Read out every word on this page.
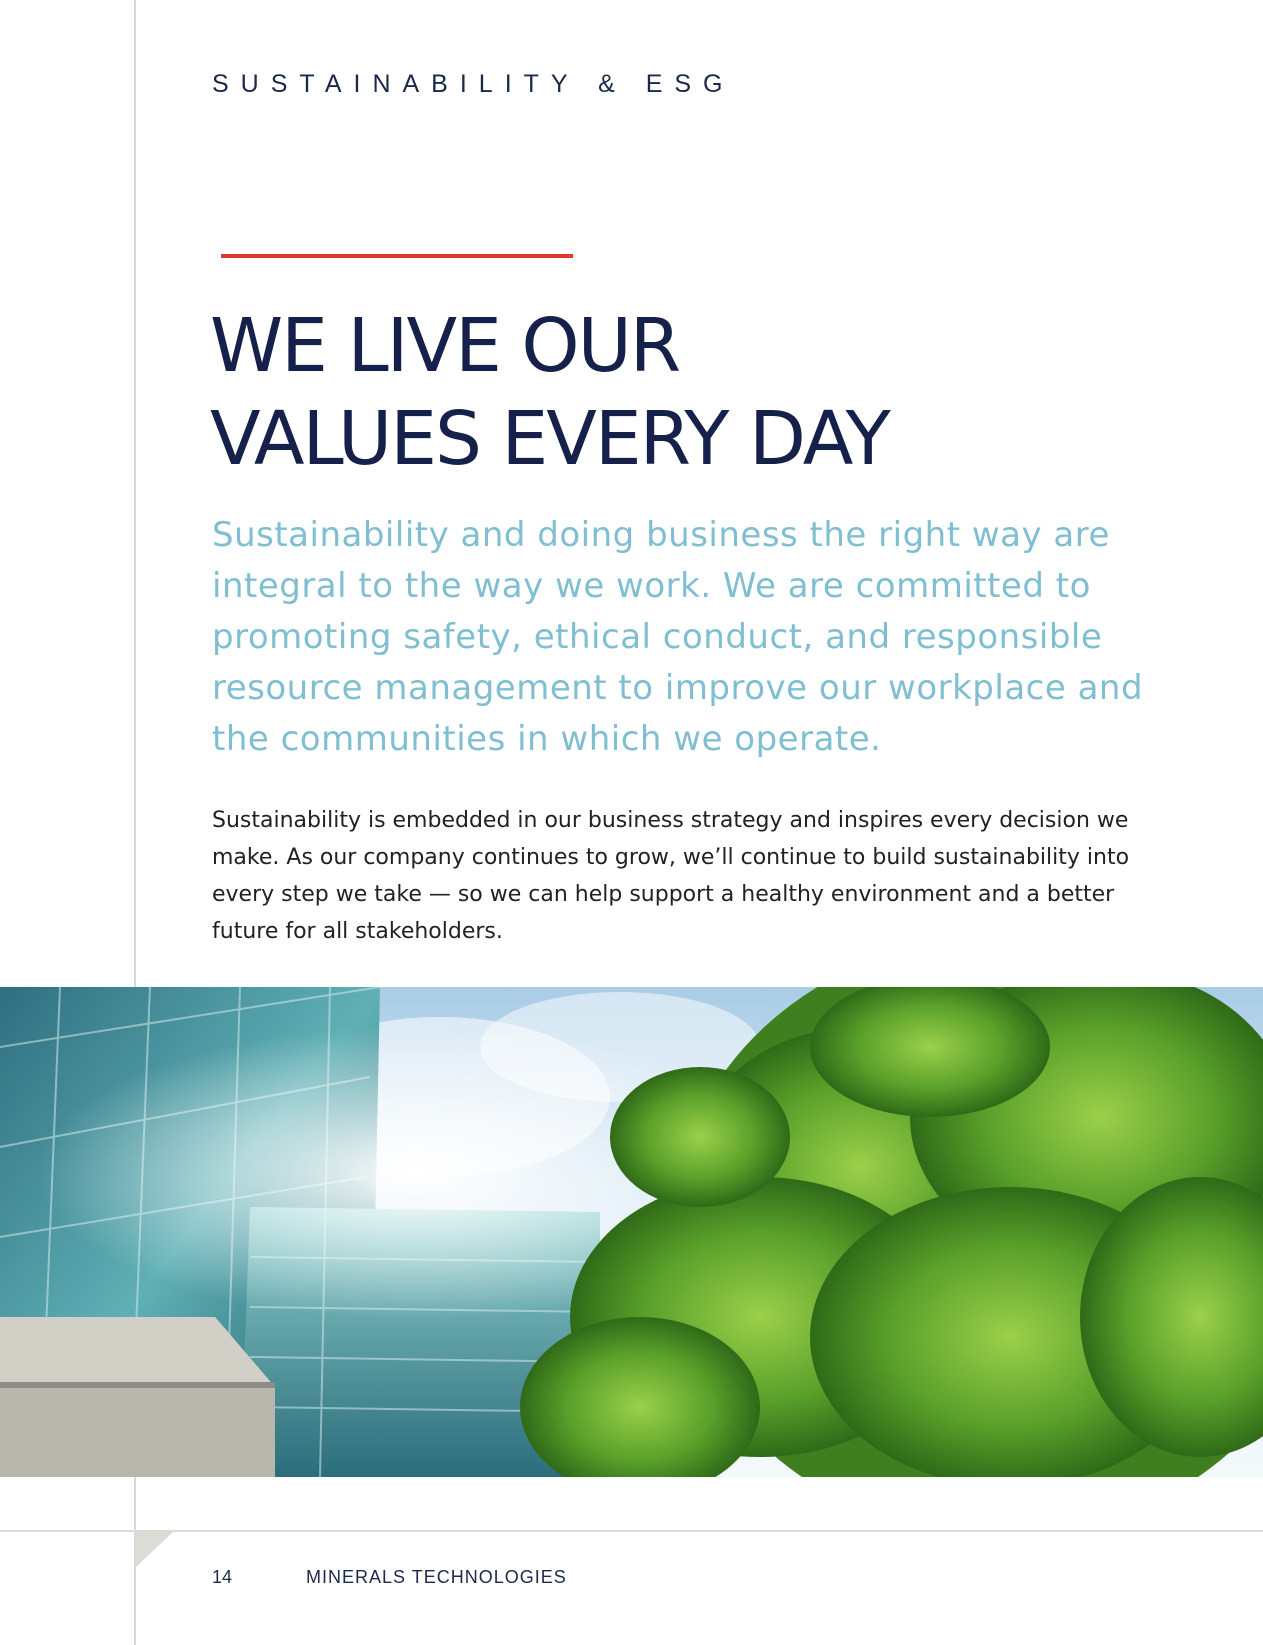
SUSTAINABILITY & ESG
WE LIVE OUR
VALUES EVERY DAY
Sustainability and doing business the right way are
integral to the way we work. We are committed to
promoting safety, ethical conduct, and responsible
resource management to improve our workplace and
the communities in which we operate.
Sustainability is embedded in our business strategy and inspires every decision we
make. As our company continues to grow, we’ll continue to build sustainability into
every step we take — so we can help support a healthy environment and a better
future for all stakeholders.
14	MINERALS TECHNOLOGIES
